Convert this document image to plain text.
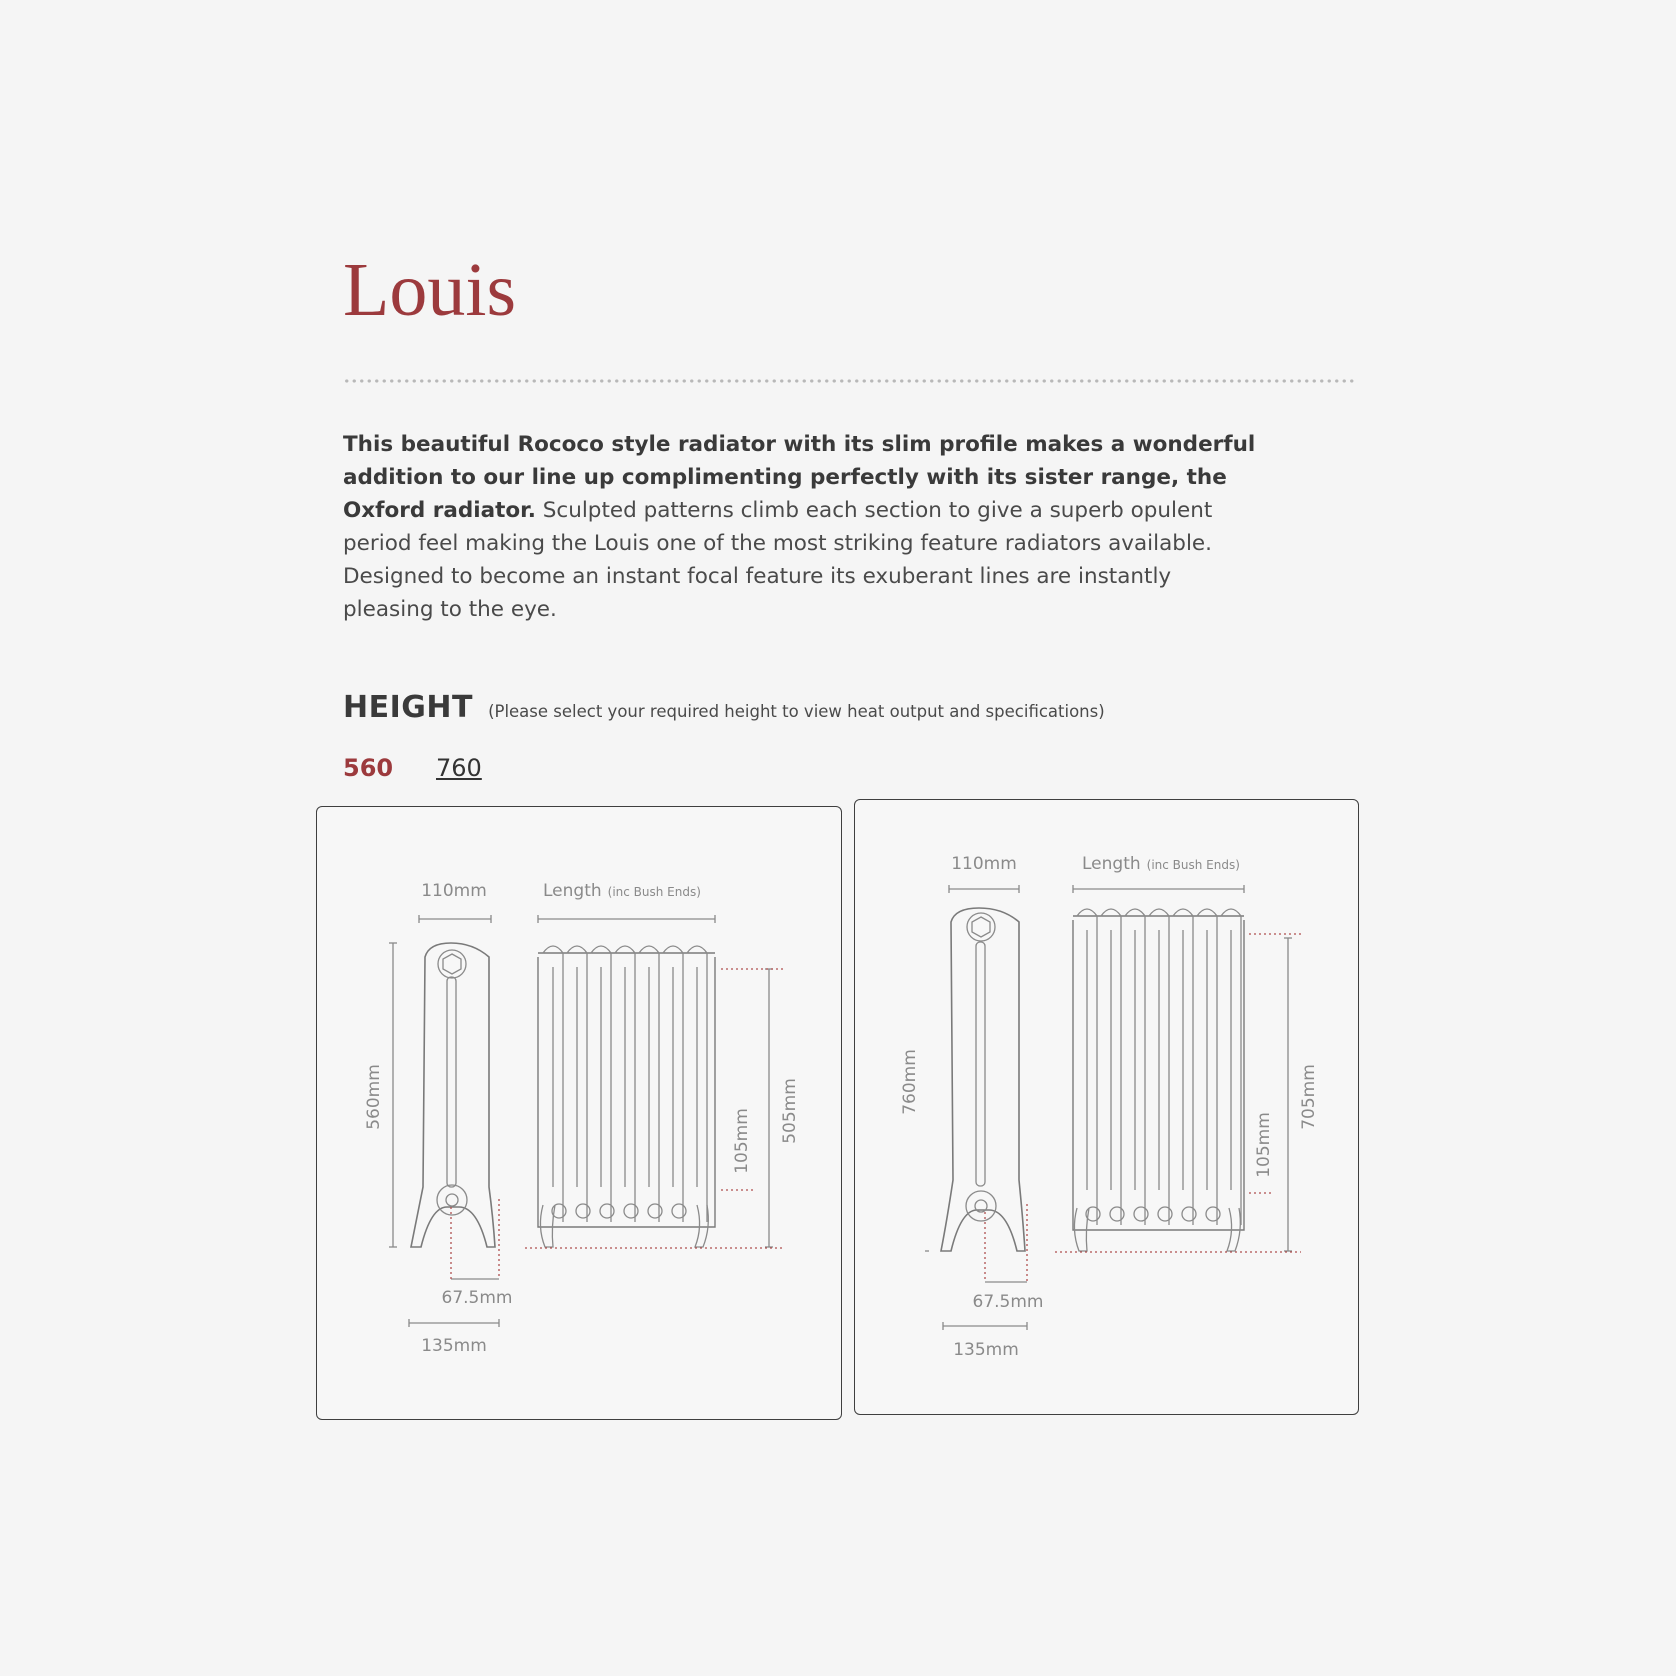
Louis

This beautiful Rococo style radiator with its slim profile makes a wonderful addition to our line up complimenting perfectly with its sister range, the Oxford radiator. Sculpted patterns climb each section to give a superb opulent period feel making the Louis one of the most striking feature radiators available. Designed to become an instant focal feature its exuberant lines are instantly pleasing to the eye.

HEIGHT (Please select your required height to view heat output and specifications)
560 760
110mm	Length (inc Bush Ends)
560mm	505mm
105mm
67.5mm
135mm
110mm	Length (inc Bush Ends)
760mm	705mm
105mm
67.5mm
135mm
